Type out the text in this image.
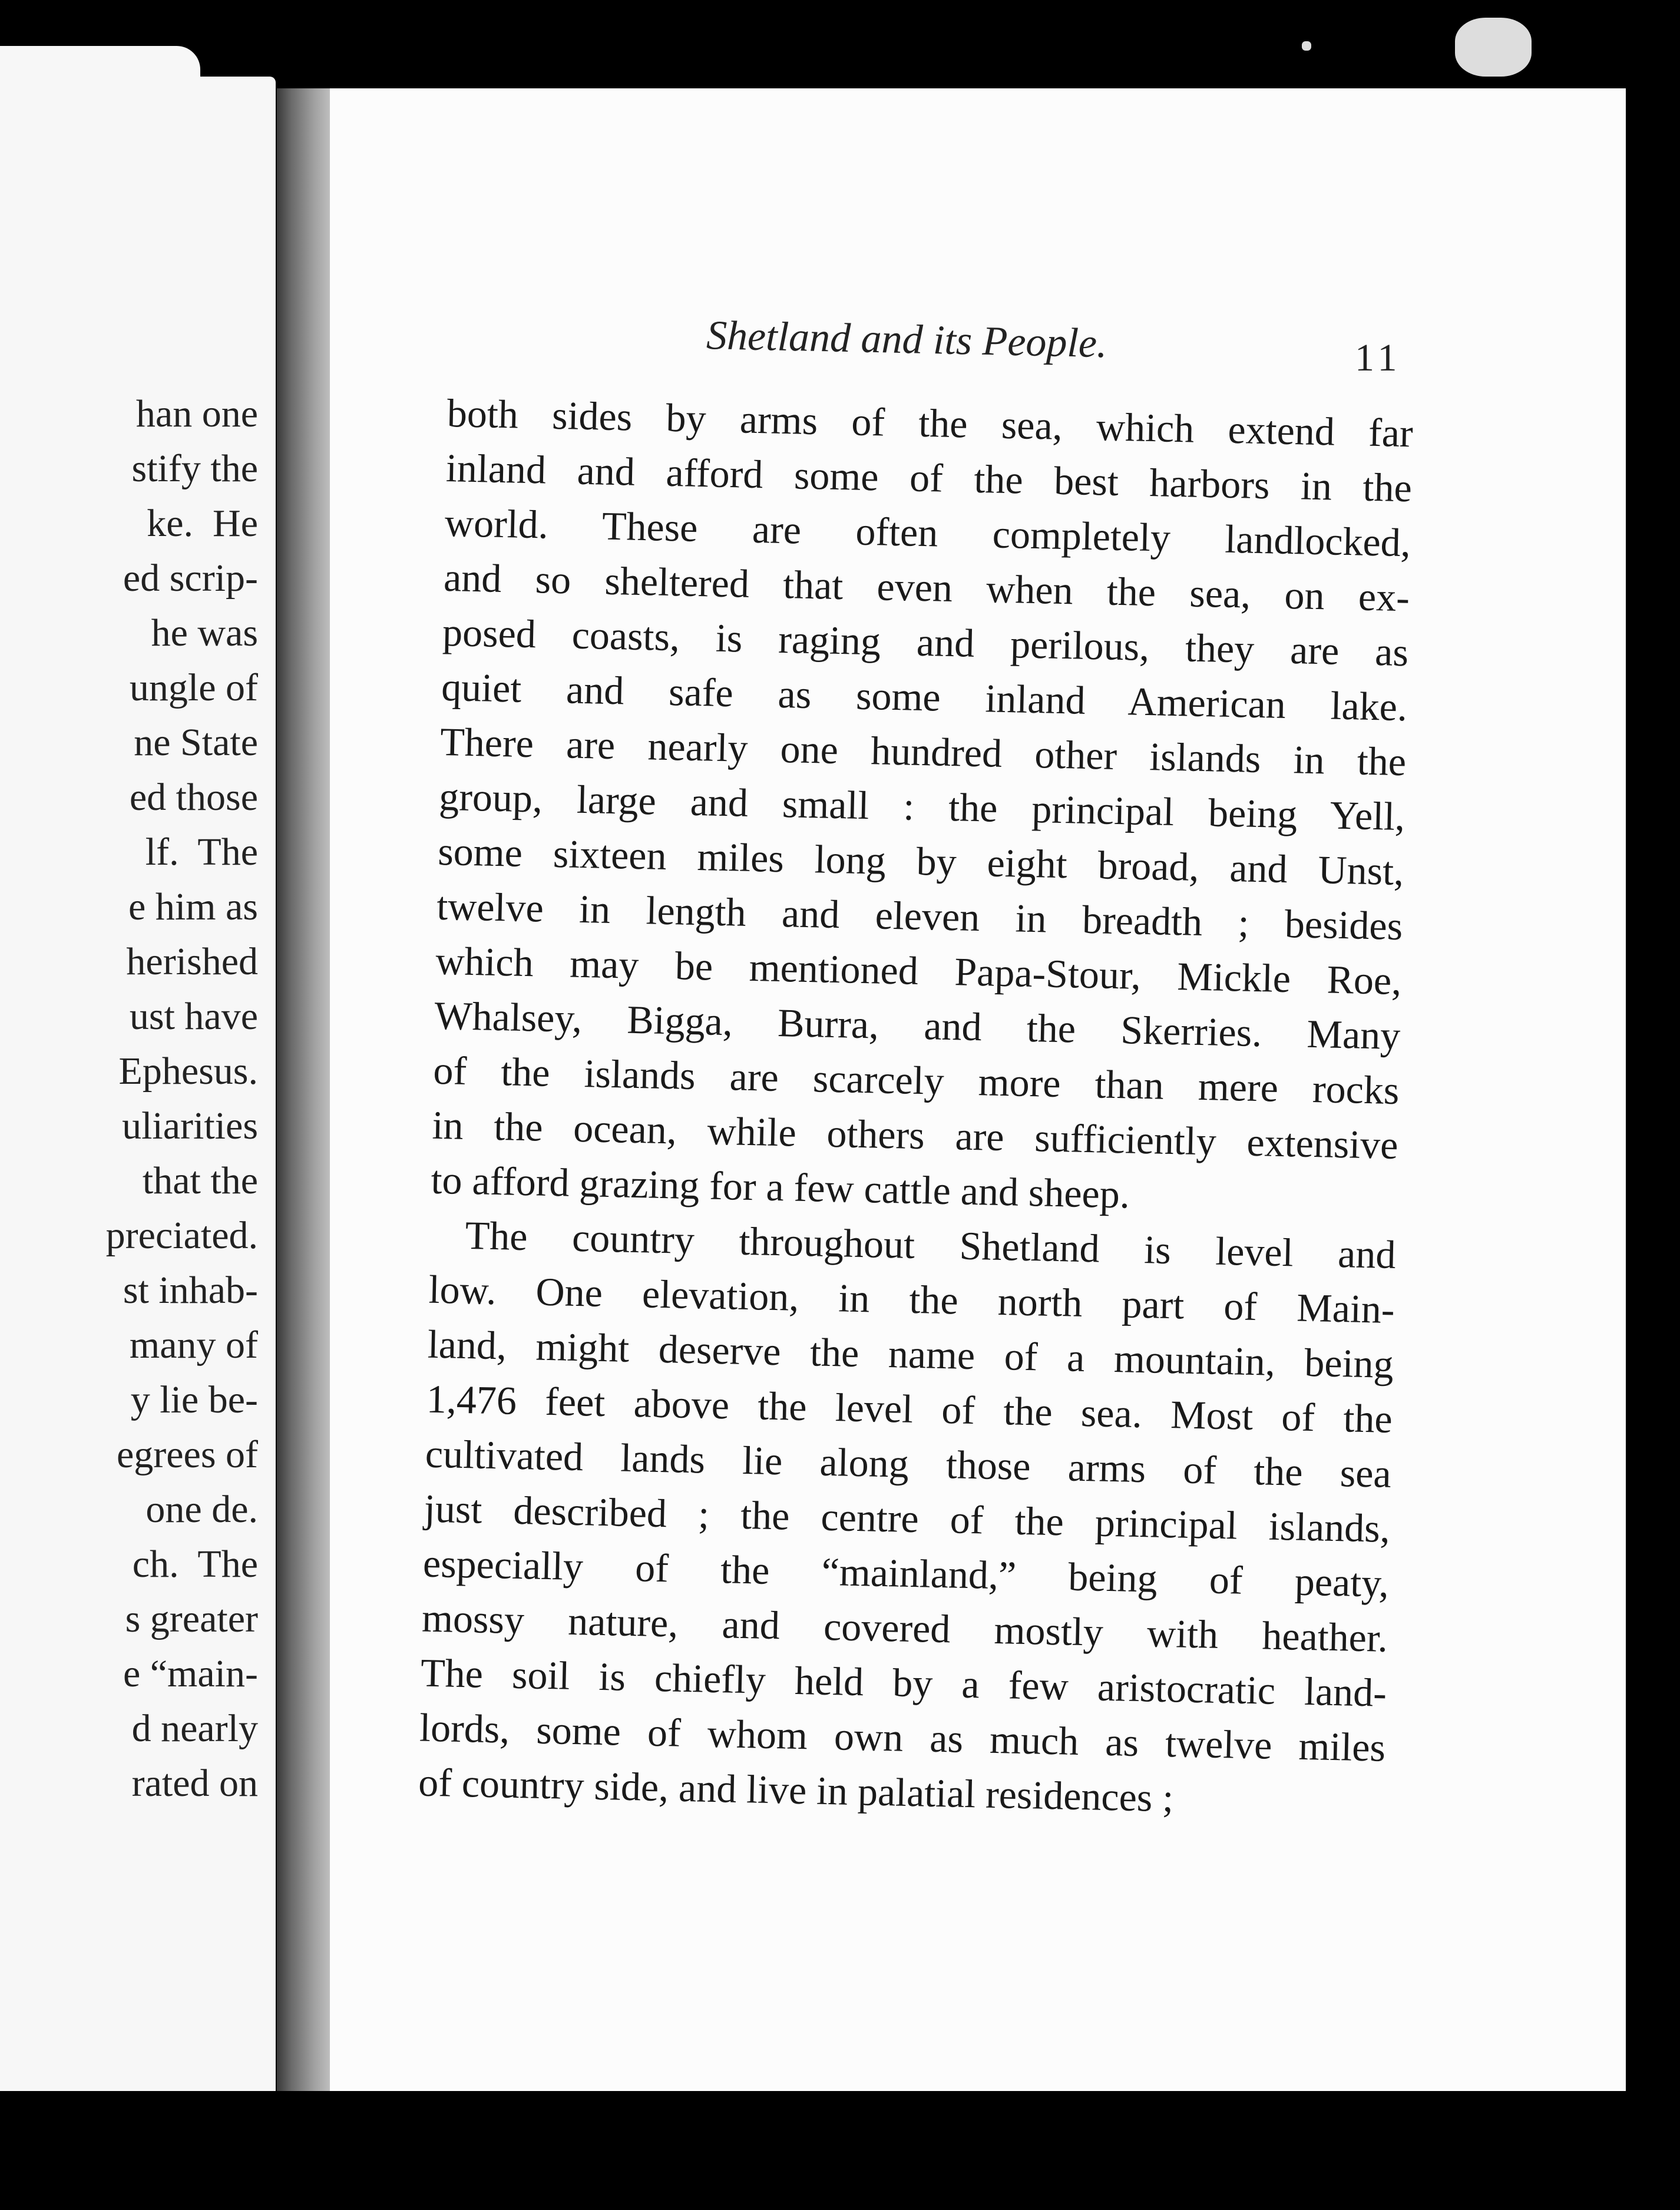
han one
stify the
ke.  He
ed scrip-
he was
ungle of
ne State
ed those
lf.  The
e him as
herished
ust have
Ephesus.
uliarities
that the
preciated.
st inhab-
many of
y lie be-
egrees of
one de.
ch.  The
s greater
e “main-
d nearly
rated on
Shetland and its People.	11
both sides by arms of the sea, which extend far
inland and afford some of the best harbors in the
world. These are often completely landlocked,
and so sheltered that even when the sea, on ex-
posed coasts, is raging and perilous, they are as
quiet and safe as some inland American lake.
There are nearly one hundred other islands in the
group, large and small : the principal being Yell,
some sixteen miles long by eight broad, and Unst,
twelve in length and eleven in breadth ; besides
which may be mentioned Papa-Stour, Mickle Roe,
Whalsey, Bigga, Burra, and the Skerries. Many
of the islands are scarcely more than mere rocks
in the ocean, while others are sufficiently extensive
to afford grazing for a few cattle and sheep.
The country throughout Shetland is level and
low. One elevation, in the north part of Main-
land, might deserve the name of a mountain, being
1,476 feet above the level of the sea. Most of the
cultivated lands lie along those arms of the sea
just described ; the centre of the principal islands,
especially of the “mainland,” being of peaty,
mossy nature, and covered mostly with heather.
The soil is chiefly held by a few aristocratic land-
lords, some of whom own as much as twelve miles
of country side, and live in palatial residences ;
